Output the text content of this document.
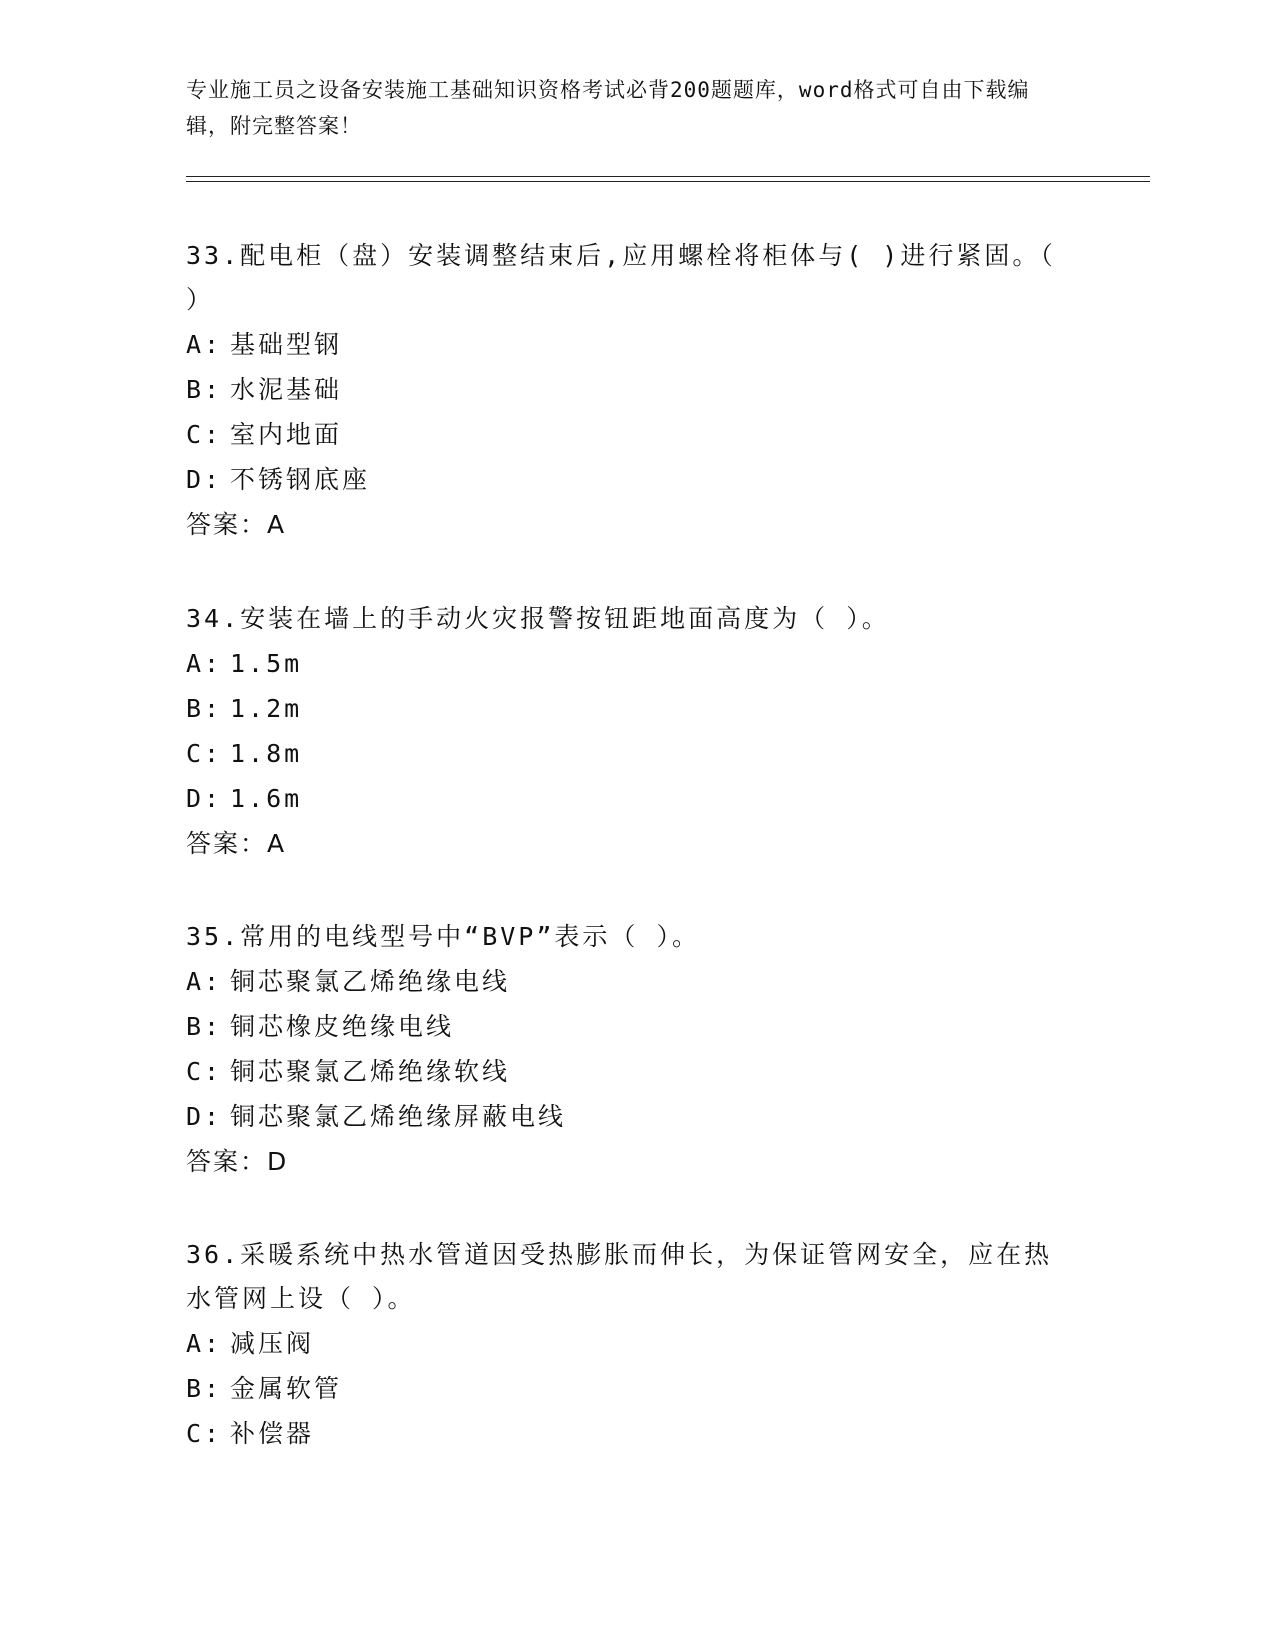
专业施工员之设备安装施工基础知识资格考试必背200题题库，word格式可自由下载编辑，附完整答案！

33.配电柜（盘）安装调整结束后,应用螺栓将柜体与( )进行紧固。（ ）

A: 基础型钢

B: 水泥基础

C: 室内地面

D: 不锈钢底座

答案：A

34.安装在墙上的手动火灾报警按钮距地面高度为（ ）。

A: 1.5m

B: 1.2m

C: 1.8m

D: 1.6m

答案：A

35.常用的电线型号中“BVP”表示（ ）。

A: 铜芯聚氯乙烯绝缘电线

B: 铜芯橡皮绝缘电线

C: 铜芯聚氯乙烯绝缘软线

D: 铜芯聚氯乙烯绝缘屏蔽电线

答案：D

36.采暖系统中热水管道因受热膨胀而伸长，为保证管网安全，应在热水管网上设（ ）。

A: 减压阀

B: 金属软管

C: 补偿器
